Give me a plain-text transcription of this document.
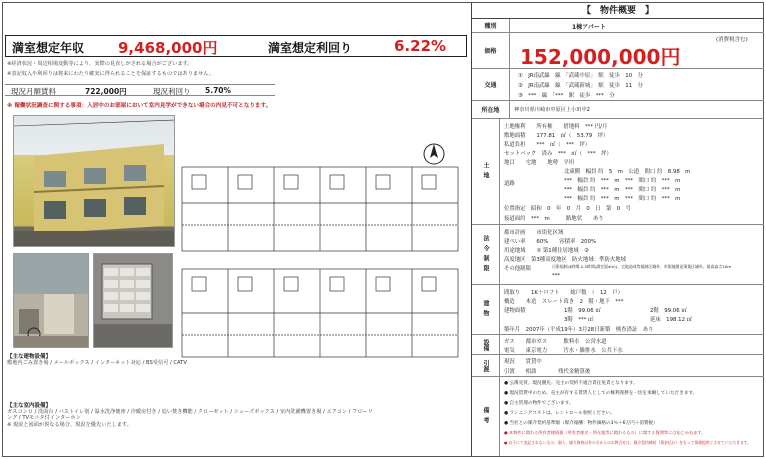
満室想定年収 9,468,000円	満室想定利回り	6.22%
※経済状況・周辺相場変動等により、実際の見直しがされる場合がございます。
※表記収入や利回りは将来にわたり確実に得られることを保証するものではありません。
現況月額賃料	722,000円	現況利回り 5.70%
※ 稼働状況調査に関する事項：入居中のお部屋において室内見学ができない場合の内見不可となります。
【主な建物設備】
敷地内ごみ置き場 / メールボックス / インターネット対応 / BS受信可 / CATV
【主な室内設備】
ガスコンロ / 洗面台 / バストイレ別 / 温水洗浄便座 / 冷暖房付き / 追い焚き機能 / クローゼット / シューズボックス / 室内洗濯機置き場 / エアコン / フローリ
ング / TVモニタ付インターホン
※ 現況と図面が異なる場合、現況を優先いたします。
【　物件概要　】
種別	1棟アパート
価格	152,000,000円
(消費税含む)
交通
①　 JR南武線　線　「武蔵中原」　駅　徒歩　 10　 分
②　 JR南武線　線　「武蔵新城」　駅　徒歩　 11　 分
③　 ***　線　「***　駅　徒歩　 ***　 分
所在地	神奈川県川崎市中原区上小田中2
土地
土地権利　　 所有権　　 借地料　 *** 円/月
敷地面積　　 177.81　㎡（　53.79　坪）
私道負担　　 ***　㎡（　***　坪）
セットバック　 済み　***　㎡（　***　坪）
地目　　 宅地　　 地勢　 平坦
道路
北東側　幅員 約　5　m　公道　間口 約　8.98　m
***　幅員 約　***　m　***　間口 約　***　m
***　幅員 約　***　m　***　間口 約　***　m
***　幅員 約　***　m　***　間口 約　***　m
位置指定　 昭和　0　年　0　月　0　日　第　0　号
接道面約　 ***　m　　　	路地状　　 あり
法令制限
都市計画　　 市街化区域
建ぺい率　　 60%　　 容積率　 200%
用途地域　　 ① 第1種住居地域　②
高度地区　 第3種高度地区　防火地域：準防火地域
その他制限	日影規制(4時間-2.5時間(測定面4m))、宅地造成等規制区域外、市街地開発事業区域外、最高高さ20m
***
建物
間取り　　 1K＋ロフト　　 総戸数　 （　12　戸）
構造　　 木造　 スレート葺き　 2　階・地下　***
建物面積	1階　99.06 ㎡	2階　99.06 ㎡
3階　*** ㎡	延床　198.12 ㎡
築年月　 2007年（平成19年）3月28日新築　 検査済証　 あり
設備	ガス　　 都市ガス　　　	飲料水　 公営水道
電気　　 東京電力　　　	汚水・雑排水　 公共下水
引渡	現況　　 賃貸中
引渡　　 相談　　　　	残代金精算後
備考
● 公簿売買。現況優先。売主の契約不適合責任免責となります。
● 現況賃貸中のため、売主が有する賃貸人としての権利義務を一切を承継していただきます。
● 自主管理の物件でございます。
● ランニングコストは、レントロール参照ください。
● 当社との媒介契約基準額（媒介報酬：物件価格の3％＋6万円＋消費税）
● 本物件に関わる所有者様情報（所有者様名・所在地等に関わるもの）に関する質問等には応じかねます。
● 以下にて表記されないもの、個人、媒介資格以外の方からのお問合せは、媒介契約締結（賃金払わ）をもって情報提供とさせていただきます。
